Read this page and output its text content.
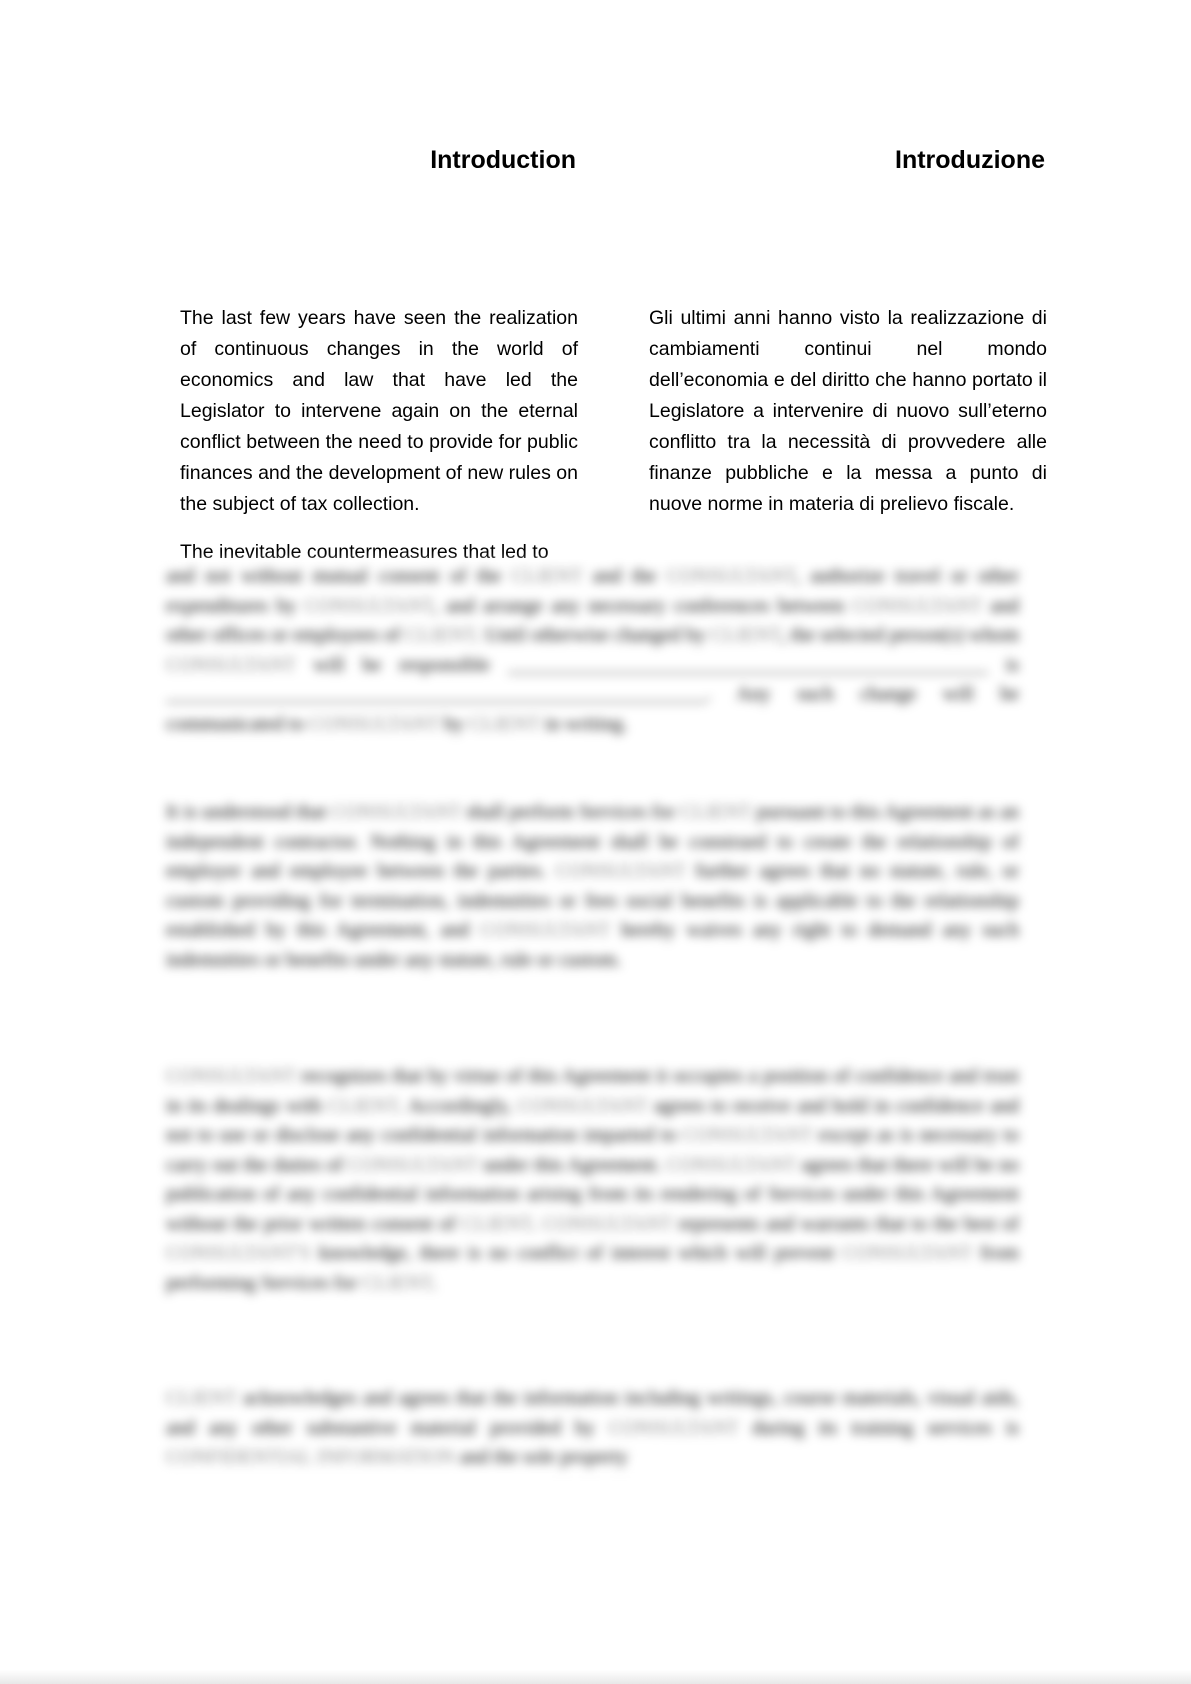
Introduction	Introduzione

The last few years have seen the realization of continuous changes in the world of economics and law that have led the Legislator to intervene again on the eternal conflict between the need to provide for public finances and the development of new rules on the subject of tax collection.

Gli ultimi anni hanno visto la realizzazione di cambiamenti continui nel mondo dell’economia e del diritto che hanno portato il Legislatore a intervenire di nuovo sull’eterno conflitto tra la necessità di provvedere alle finanze pubbliche e la messa a punto di nuove norme in materia di prelievo fiscale.

The inevitable countermeasures that led to

and not without mutual consent of the CLIENT and the CONSULTANT, authorize travel or other expenditures by CONSULTANT, and arrange any necessary conferences between CONSULTANT and other offices or employees of CLIENT. Until otherwise changed by CLIENT, the selected person(s) whom CONSULTANT will be responsible ________________________________________________ is ______________________________________________________. Any such change will be communicated to CONSULTANT by CLIENT in writing.

It is understood that CONSULTANT shall perform Services for CLIENT pursuant to this Agreement as an independent contractor. Nothing in this Agreement shall be construed to create the relationship of employer and employee between the parties. CONSULTANT further agrees that no statute, rule, or custom providing for termination, indemnities or fees social benefits is applicable to the relationship established by this Agreement, and CONSULTANT hereby waives any right to demand any such indemnities or benefits under any statute, rule or custom.

CONSULTANT recognizes that by virtue of this Agreement it occupies a position of confidence and trust in its dealings with CLIENT. Accordingly, CONSULTANT agrees to receive and hold in confidence and not to use or disclose any confidential information imparted to CONSULTANT except as is necessary to carry out the duties of CONSULTANT under this Agreement. CONSULTANT agrees that there will be no publication of any confidential information arising from its rendering of Services under this Agreement without the prior written consent of CLIENT. CONSULTANT represents and warrants that to the best of CONSULTANT'S knowledge, there is no conflict of interest which will prevent CONSULTANT from performing Services for CLIENT.

CLIENT acknowledges and agrees that the information including writings, course materials, visual aids, and any other substantive material provided by CONSULTANT during its training services is CONFIDENTIAL INFORMATION and the sole property
